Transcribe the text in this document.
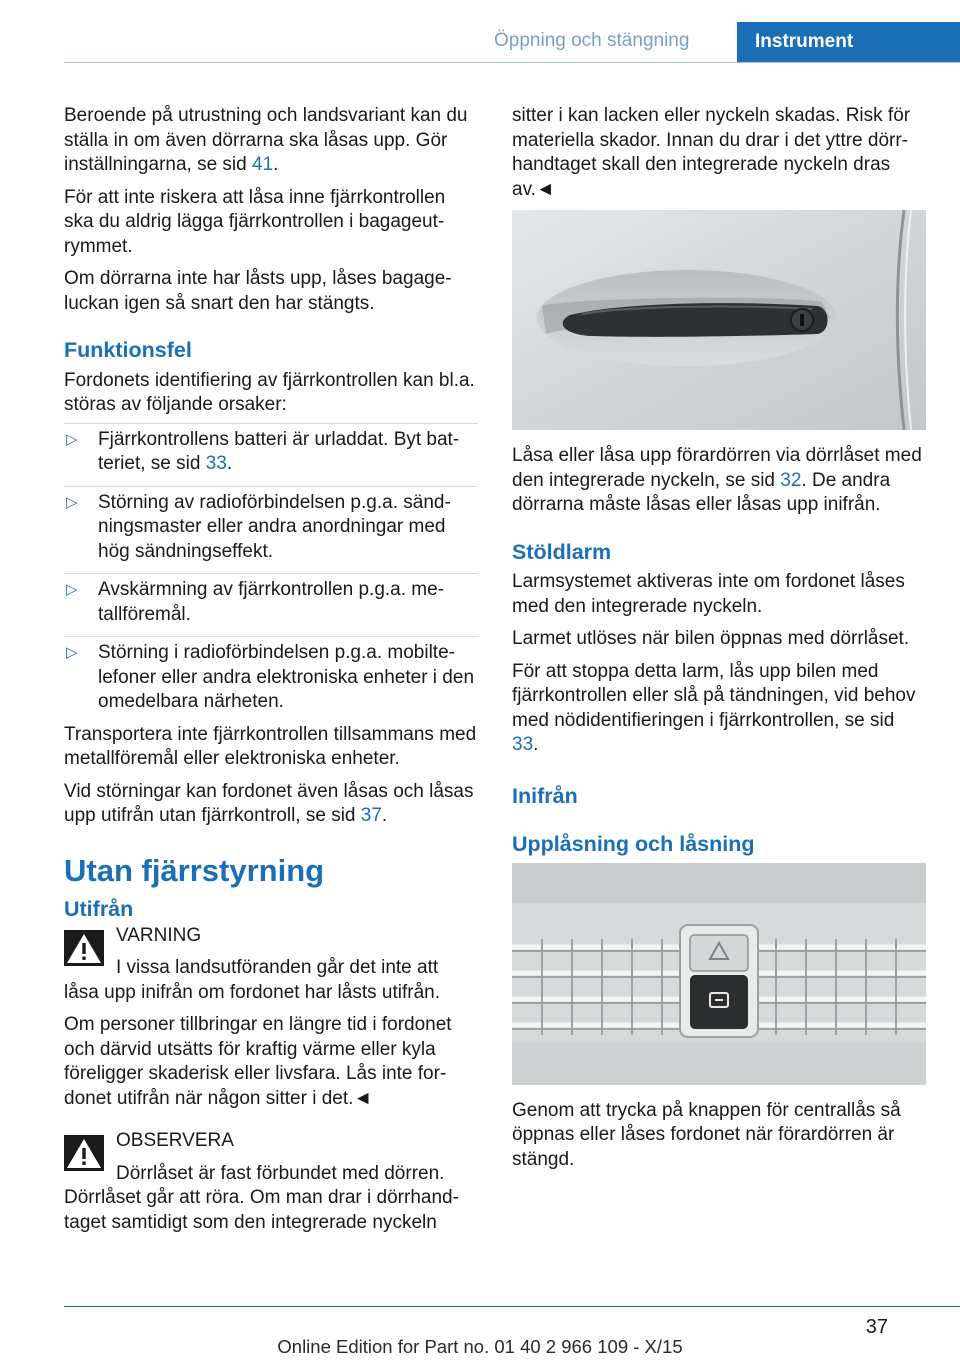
Öppning och stängning	Instrument

Beroende på utrustning och landsvariant kan du ställa in om även dörrarna ska låsas upp. Gör inställningarna, se sid 41.

För att inte riskera att låsa inne fjärrkontrollen ska du aldrig lägga fjärrkontrollen i bagageutrymmet.

Om dörrarna inte har låsts upp, låses bagageluckan igen så snart den har stängts.

Funktionsfel

Fordonets identifiering av fjärrkontrollen kan bl.a. störas av följande orsaker:

▷ Fjärrkontrollens batteri är urladdat. Byt batteriet, se sid 33.
▷ Störning av radioförbindelsen p.g.a. sändningsmaster eller andra anordningar med hög sändningseffekt.
▷ Avskärmning av fjärrkontrollen p.g.a. metallföremål.
▷ Störning i radioförbindelsen p.g.a. mobiltelefoner eller andra elektroniska enheter i den omedelbara närheten.

Transportera inte fjärrkontrollen tillsammans med metallföremål eller elektroniska enheter.

Vid störningar kan fordonet även låsas och låsas upp utifrån utan fjärrkontroll, se sid 37.

Utan fjärrstyrning
Utifrån
VARNING
I vissa landsutföranden går det inte att
låsa upp inifrån om fordonet har låsts utifrån.

Om personer tillbringar en längre tid i fordonet och därvid utsätts för kraftig värme eller kyla föreligger skaderisk eller livsfara. Lås inte fordonet utifrån när någon sitter i det.◄

OBSERVERA
Dörrlåset är fast förbundet med dörren.
Dörrlåset går att röra. Om man drar i dörrhandtaget samtidigt som den integrerade nyckeln

sitter i kan lacken eller nyckeln skadas. Risk för materiella skador. Innan du drar i det yttre dörrhandtaget skall den integrerade nyckeln dras av.◄

Låsa eller låsa upp förardörren via dörrlåset med den integrerade nyckeln, se sid 32. De andra dörrarna måste låsas eller låsas upp inifrån.

Stöldlarm

Larmsystemet aktiveras inte om fordonet låses med den integrerade nyckeln.

Larmet utlöses när bilen öppnas med dörrlåset.

För att stoppa detta larm, lås upp bilen med fjärrkontrollen eller slå på tändningen, vid behov med nödidentifieringen i fjärrkontrollen, se sid 33.

Inifrån
Upplåsning och låsning

Genom att trycka på knappen för centrallås så öppnas eller låses fordonet när förardörren är stängd.

37
Online Edition for Part no. 01 40 2 966 109 - X/15
